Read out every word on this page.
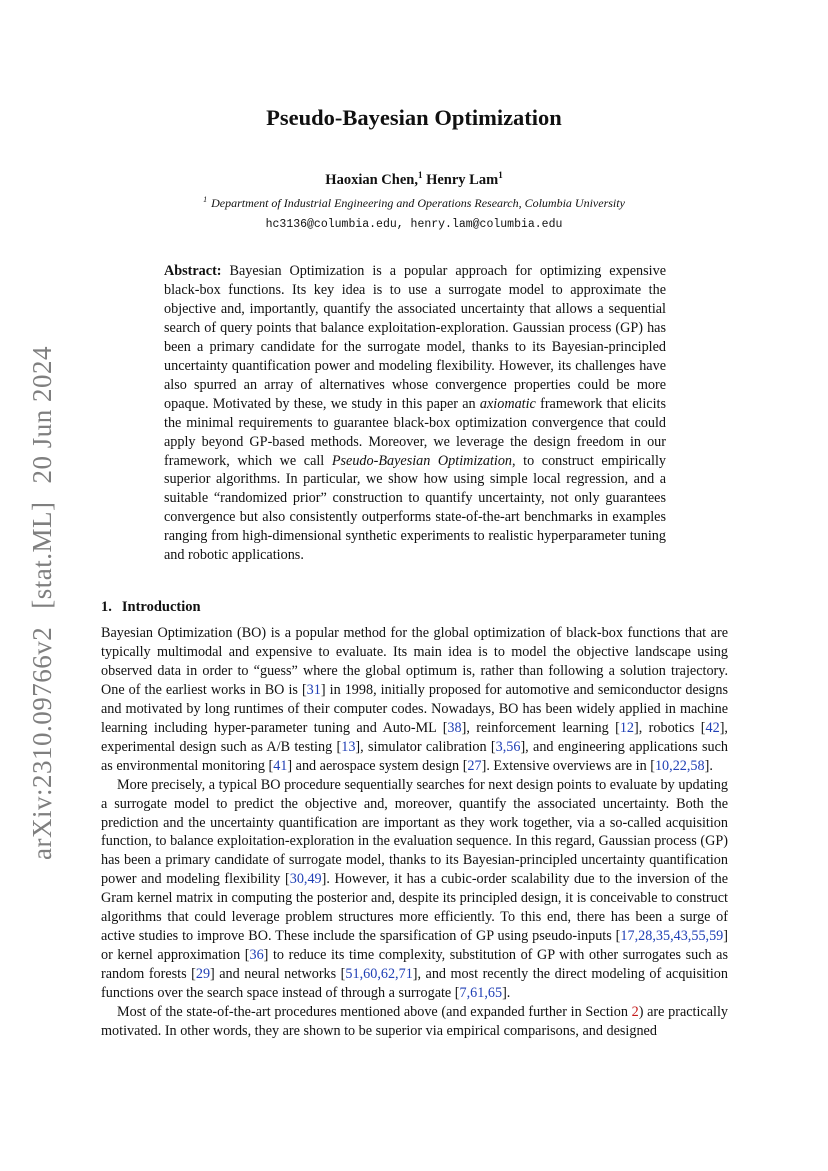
arXiv:2310.09766v2[stat.ML]20 Jun 2024
Pseudo-Bayesian Optimization
Haoxian Chen,$^1$ Henry Lam$^1$
$^1$ Department of Industrial Engineering and Operations Research, Columbia University
hc3136@columbia.edu, henry.lam@columbia.edu
Abstract: Bayesian Optimization is a popular approach for optimizing expensive black-box functions. Its key idea is to use a surrogate model to approximate the objective and, importantly, quantify the associated uncertainty that allows a sequential search of query points that balance exploitation-exploration. Gaussian process (GP) has been a primary candidate for the surrogate model, thanks to its Bayesian-principled uncertainty quantification power and modeling flexibility. However, its challenges have also spurred an array of alternatives whose convergence properties could be more opaque. Motivated by these, we study in this paper an axiomatic framework that elicits the minimal requirements to guarantee black-box optimization convergence that could apply beyond GP-based methods. Moreover, we leverage the design freedom in our framework, which we call Pseudo-Bayesian Optimization, to construct empirically superior algorithms. In particular, we show how using simple local regression, and a suitable “randomized prior” construction to quantify uncertainty, not only guarantees convergence but also consistently outperforms state-of-the-art benchmarks in examples ranging from high-dimensional synthetic experiments to realistic hyperparameter tuning and robotic applications.
1. Introduction

Bayesian Optimization (BO) is a popular method for the global optimization of black-box functions that are typically multimodal and expensive to evaluate. Its main idea is to model the objective landscape using observed data in order to “guess” where the global optimum is, rather than following a solution trajectory. One of the earliest works in BO is [31] in 1998, initially proposed for automotive and semiconductor designs and motivated by long runtimes of their computer codes. Nowadays, BO has been widely applied in machine learning including hyper-parameter tuning and Auto-ML [38], reinforcement learning [12], robotics [42], experimental design such as A/B testing [13], simulator calibration [3,56], and engineering applications such as environmental monitoring [41] and aerospace system design [27]. Extensive overviews are in [10,22,58].

More precisely, a typical BO procedure sequentially searches for next design points to evaluate by updating a surrogate model to predict the objective and, moreover, quantify the associated uncertainty. Both the prediction and the uncertainty quantification are important as they work together, via a so-called acquisition function, to balance exploitation-exploration in the evaluation sequence. In this regard, Gaussian process (GP) has been a primary candidate of surrogate model, thanks to its Bayesian-principled uncertainty quantification power and modeling flexibility [30,49]. However, it has a cubic-order scalability due to the inversion of the Gram kernel matrix in computing the posterior and, despite its principled design, it is conceivable to construct algorithms that could leverage problem structures more efficiently. To this end, there has been a surge of active studies to improve BO. These include the sparsification of GP using pseudo-inputs [17,28,35,43,55,59] or kernel approximation [36] to reduce its time complexity, substitution of GP with other surrogates such as random forests [29] and neural networks [51,60,62,71], and most recently the direct modeling of acquisition functions over the search space instead of through a surrogate [7,61,65].

Most of the state-of-the-art procedures mentioned above (and expanded further in Section 2) are practically motivated. In other words, they are shown to be superior via empirical comparisons, and designed
